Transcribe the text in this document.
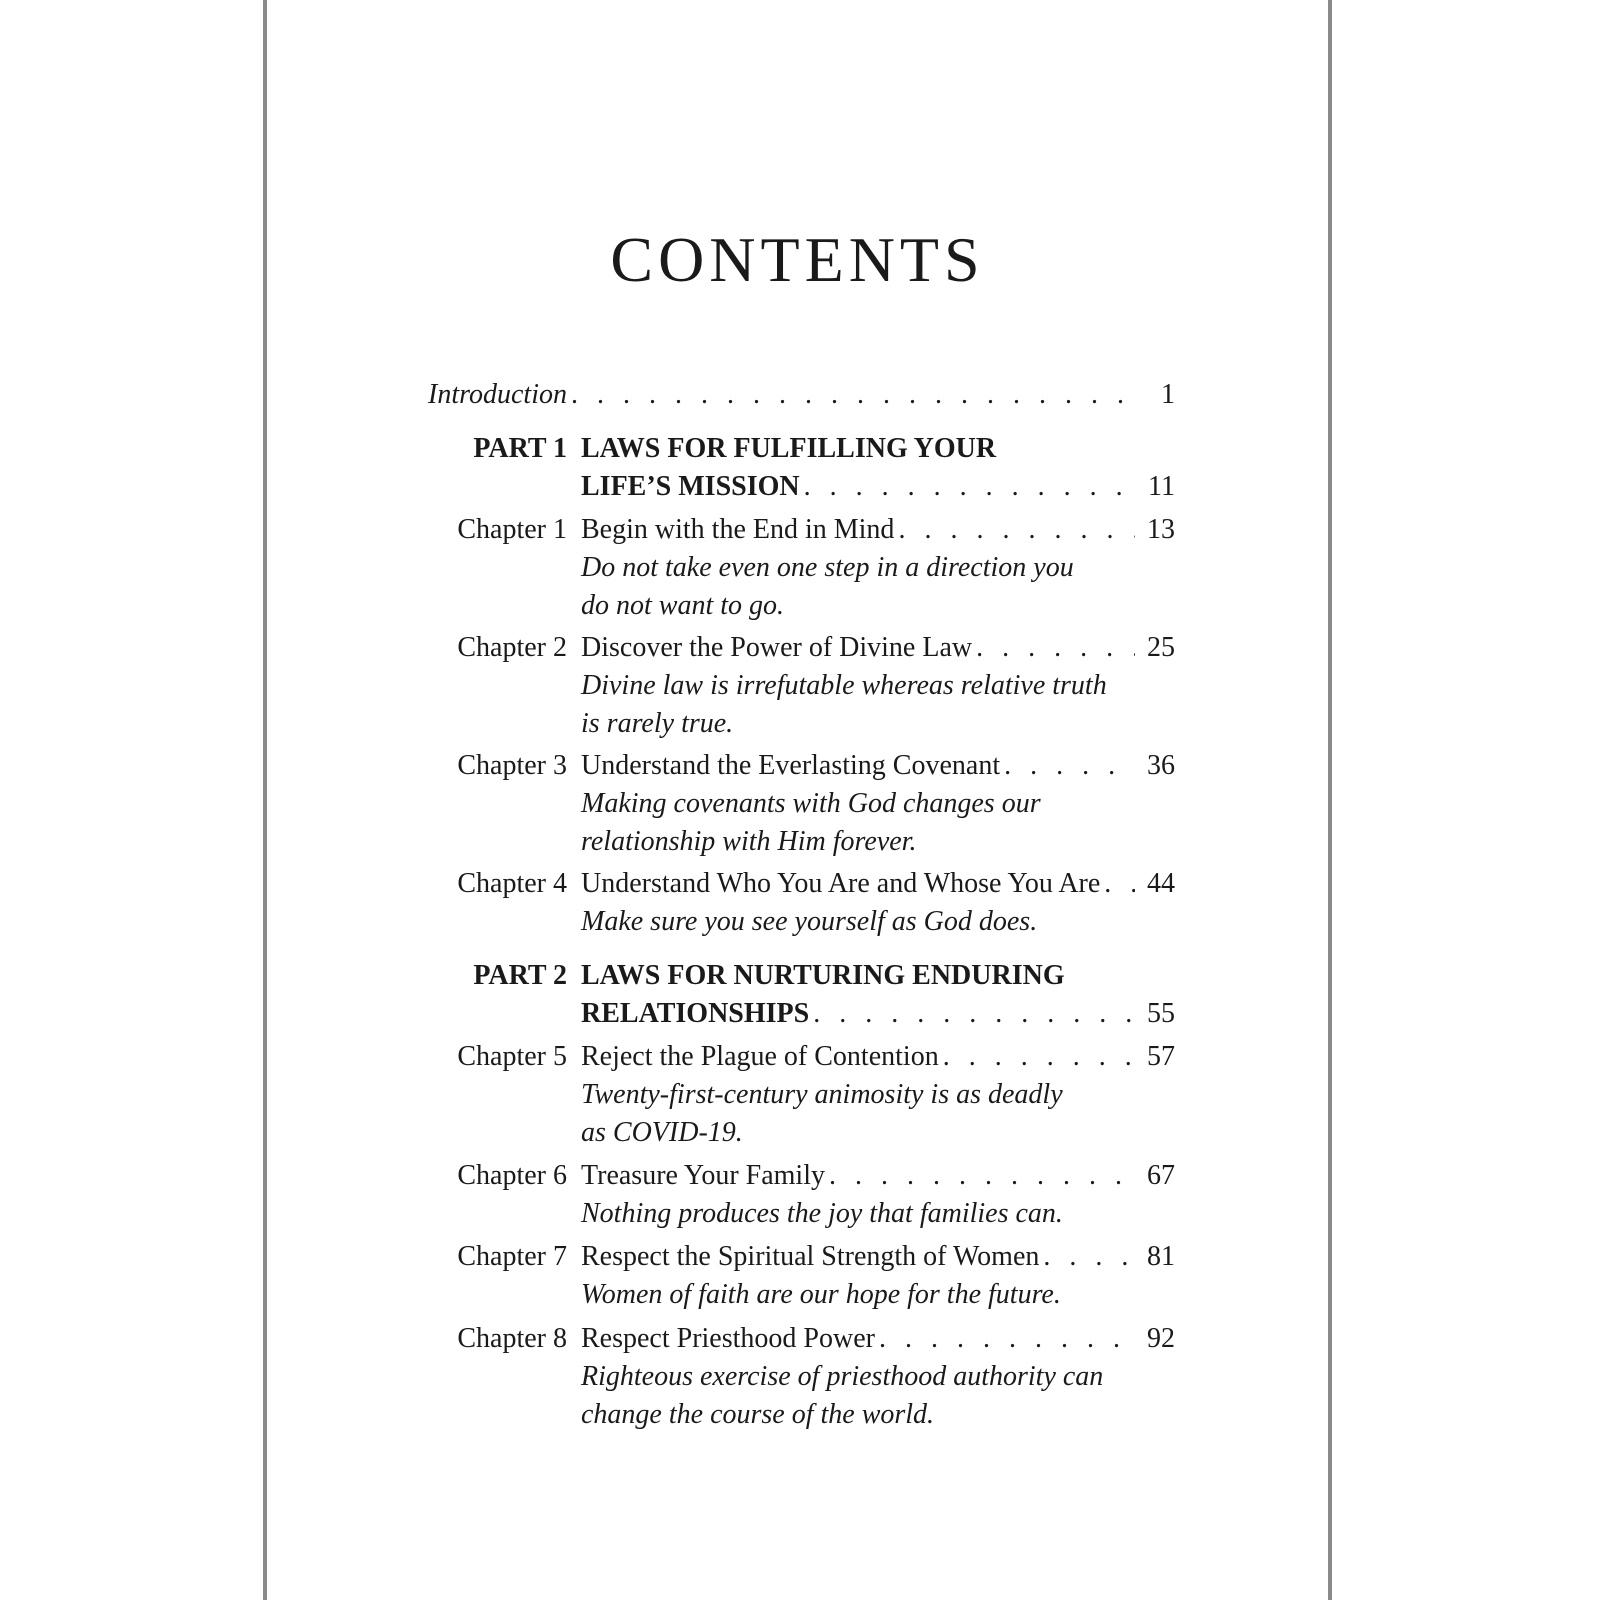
CONTENTS
Introduction . . .	1
PART 1 LAWS FOR FULFILLING YOUR
LIFE’S MISSION . . .	11
Chapter 1 Begin with the End in Mind . . .	13
Do not take even one step in a direction you
do not want to go.
Chapter 2 Discover the Power of Divine Law . . .	25
Divine law is irrefutable whereas relative truth
is rarely true.
Chapter 3 Understand the Everlasting Covenant . . .	36
Making covenants with God changes our
relationship with Him forever.
Chapter 4 Understand Who You Are and Whose You Are . . .	44
Make sure you see yourself as God does.
PART 2 LAWS FOR NURTURING ENDURING
RELATIONSHIPS . . .	55
Chapter 5 Reject the Plague of Contention . . .	57
Twenty-first-century animosity is as deadly
as COVID-19.
Chapter 6 Treasure Your Family . . .	67
Nothing produces the joy that families can.
Chapter 7 Respect the Spiritual Strength of Women . . .	81
Women of faith are our hope for the future.
Chapter 8 Respect Priesthood Power . . .	92
Righteous exercise of priesthood authority can
change the course of the world.
